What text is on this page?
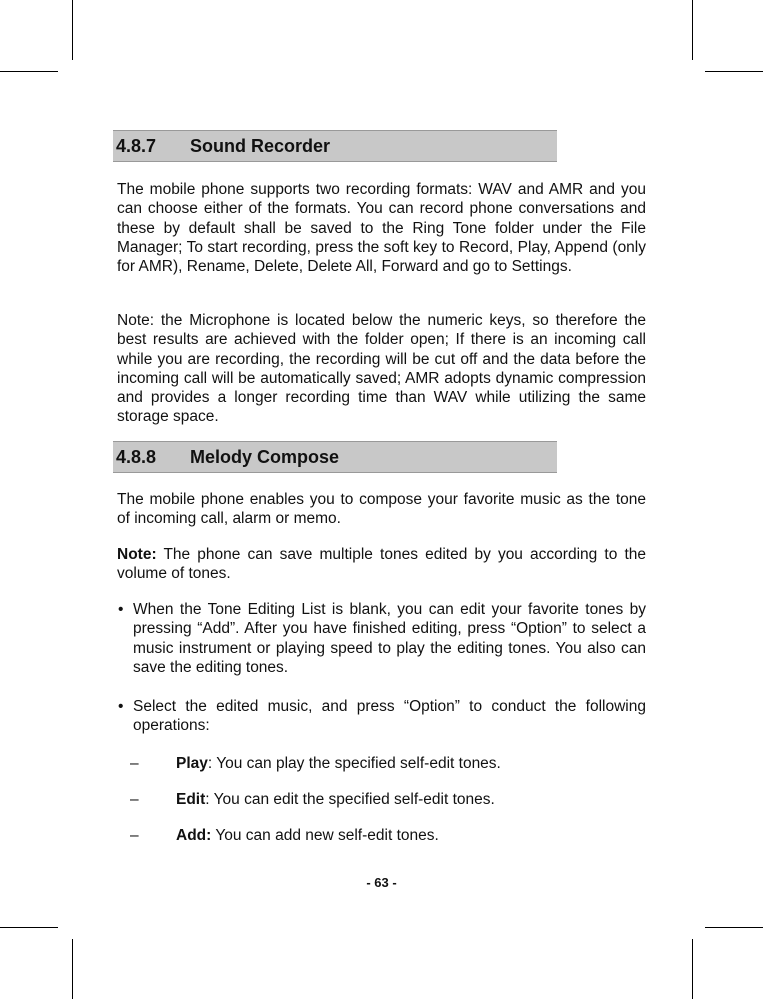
4.8.7 Sound Recorder
The mobile phone supports two recording formats: WAV and AMR and you can choose either of the formats. You can record phone conversations and these by default shall be saved to the Ring Tone folder under the File Manager; To start recording, press the soft key to Record, Play, Append (only for AMR), Rename, Delete, Delete All, Forward and go to Settings.
Note: the Microphone is located below the numeric keys, so therefore the best results are achieved with the folder open; If there is an incoming call while you are recording, the recording will be cut off and the data before the incoming call will be automatically saved; AMR adopts dynamic compression and provides a longer recording time than WAV while utilizing the same storage space.
4.8.8 Melody Compose
The mobile phone enables you to compose your favorite music as the tone of incoming call, alarm or memo.
Note: The phone can save multiple tones edited by you according to the volume of tones.
• When the Tone Editing List is blank, you can edit your favorite tones by pressing “Add”. After you have finished editing, press “Option” to select a music instrument or playing speed to play the editing tones. You also can save the editing tones.
• Select the edited music, and press “Option” to conduct the following operations:
– Play: You can play the specified self-edit tones.
– Edit: You can edit the specified self-edit tones.
– Add: You can add new self-edit tones.
- 63 -
